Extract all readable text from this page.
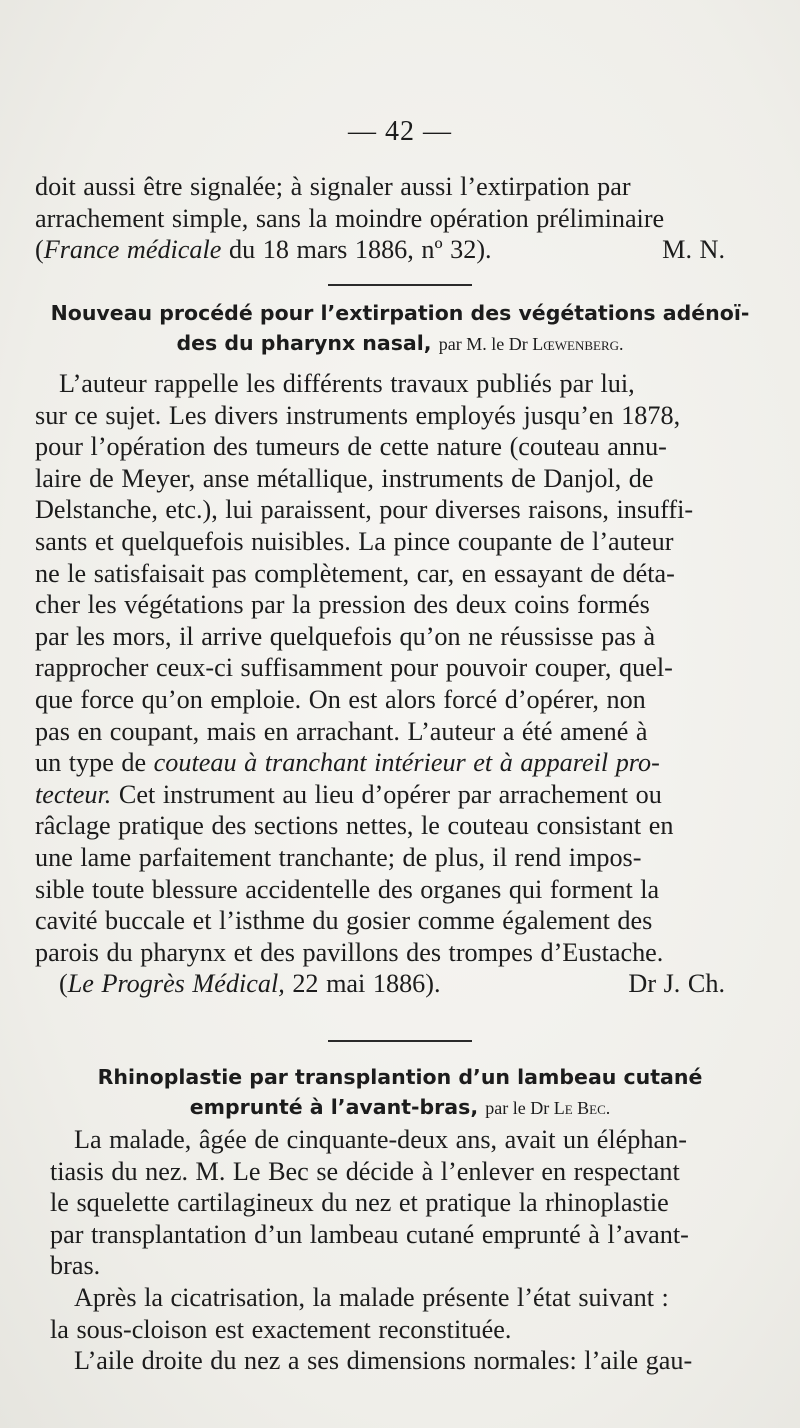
— 42 —

doit aussi être signalée; à signaler aussi l’extirpation par

arrachement simple, sans la moindre opération préliminaire

(France médicale du 18 mars 1886, nº 32).	M. N.

Nouveau procédé pour l’extirpation des végétations adénoï-
des du pharynx nasal, par M. le Dr Lœwenberg.

L’auteur rappelle les différents travaux publiés par lui,

sur ce sujet. Les divers instruments employés jusqu’en 1878,

pour l’opération des tumeurs de cette nature (couteau annu-

laire de Meyer, anse métallique, instruments de Danjol, de

Delstanche, etc.), lui paraissent, pour diverses raisons, insuffi-

sants et quelquefois nuisibles. La pince coupante de l’auteur

ne le satisfaisait pas complètement, car, en essayant de déta-

cher les végétations par la pression des deux coins formés

par les mors, il arrive quelquefois qu’on ne réussisse pas à

rapprocher ceux-ci suffisamment pour pouvoir couper, quel-

que force qu’on emploie. On est alors forcé d’opérer, non

pas en coupant, mais en arrachant. L’auteur a été amené à

un type de couteau à tranchant intérieur et à appareil pro-

tecteur. Cet instrument au lieu d’opérer par arrachement ou

râclage pratique des sections nettes, le couteau consistant en

une lame parfaitement tranchante; de plus, il rend impos-

sible toute blessure accidentelle des organes qui forment la

cavité buccale et l’isthme du gosier comme également des

parois du pharynx et des pavillons des trompes d’Eustache.

(Le Progrès Médical, 22 mai 1886).	Dr J. Ch.

Rhinoplastie par transplantion d’un lambeau cutané
emprunté à l’avant-bras, par le Dr Le Bec.

La malade, âgée de cinquante-deux ans, avait un éléphan-

tiasis du nez. M. Le Bec se décide à l’enlever en respectant

le squelette cartilagineux du nez et pratique la rhinoplastie

par transplantation d’un lambeau cutané emprunté à l’avant-

bras.

Après la cicatrisation, la malade présente l’état suivant :

la sous-cloison est exactement reconstituée.

L’aile droite du nez a ses dimensions normales: l’aile gau-
